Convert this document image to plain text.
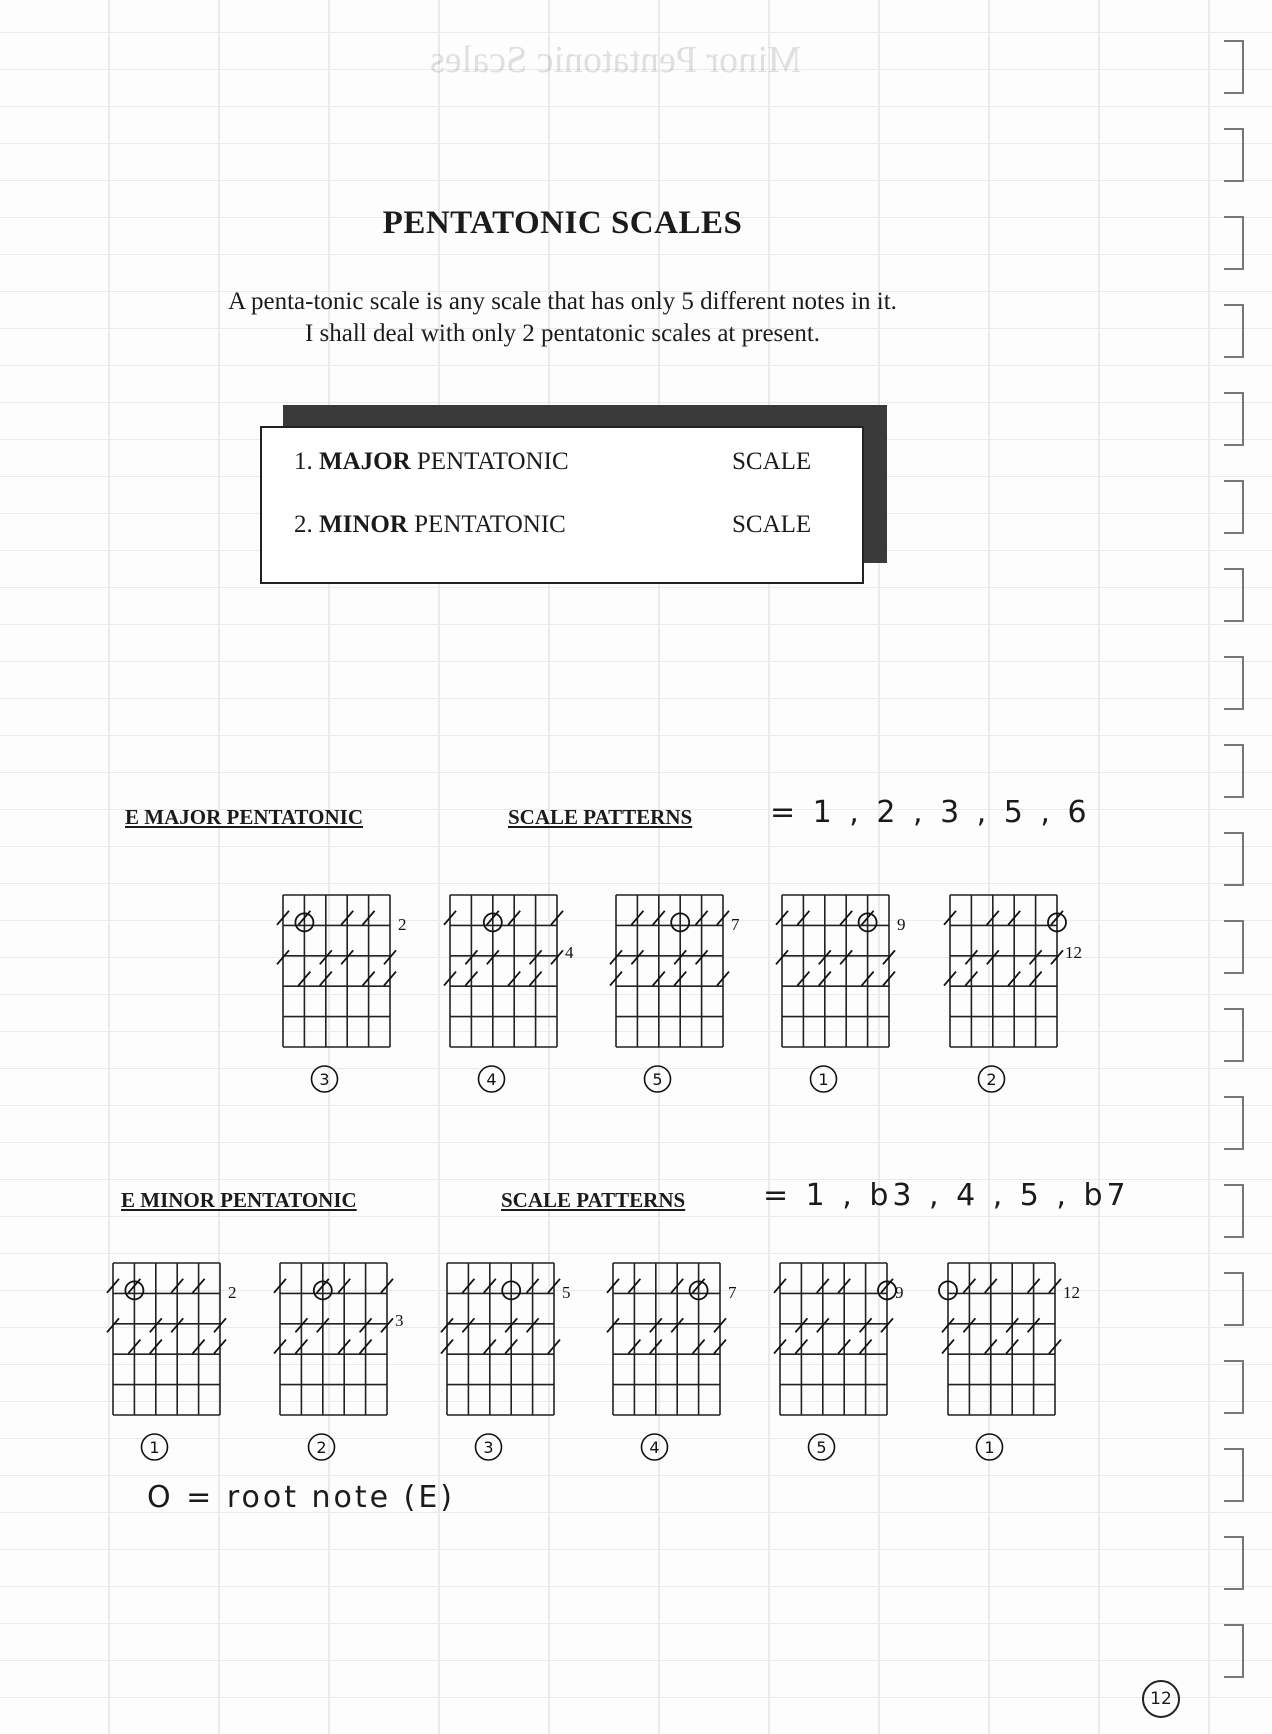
Minor Pentatonic Scales
PENTATONIC SCALES
A penta-tonic scale is any scale that has only 5 different notes in it.
I shall deal with only 2 pentatonic scales at present.
1. MAJOR PENTATONIC	SCALE
2. MINOR PENTATONIC	SCALE
E MAJOR PENTATONIC	SCALE PATTERNS	= 1 , 2 , 3 , 5 , 6
E MINOR PENTATONIC	SCALE PATTERNS	= 1 , b3 , 4 , 5 , b7
2
3
4
4
7
5
9
1
12
2
2
1
3
2
5
3
7
4
9
5
12
1
O = root note (E)
12
